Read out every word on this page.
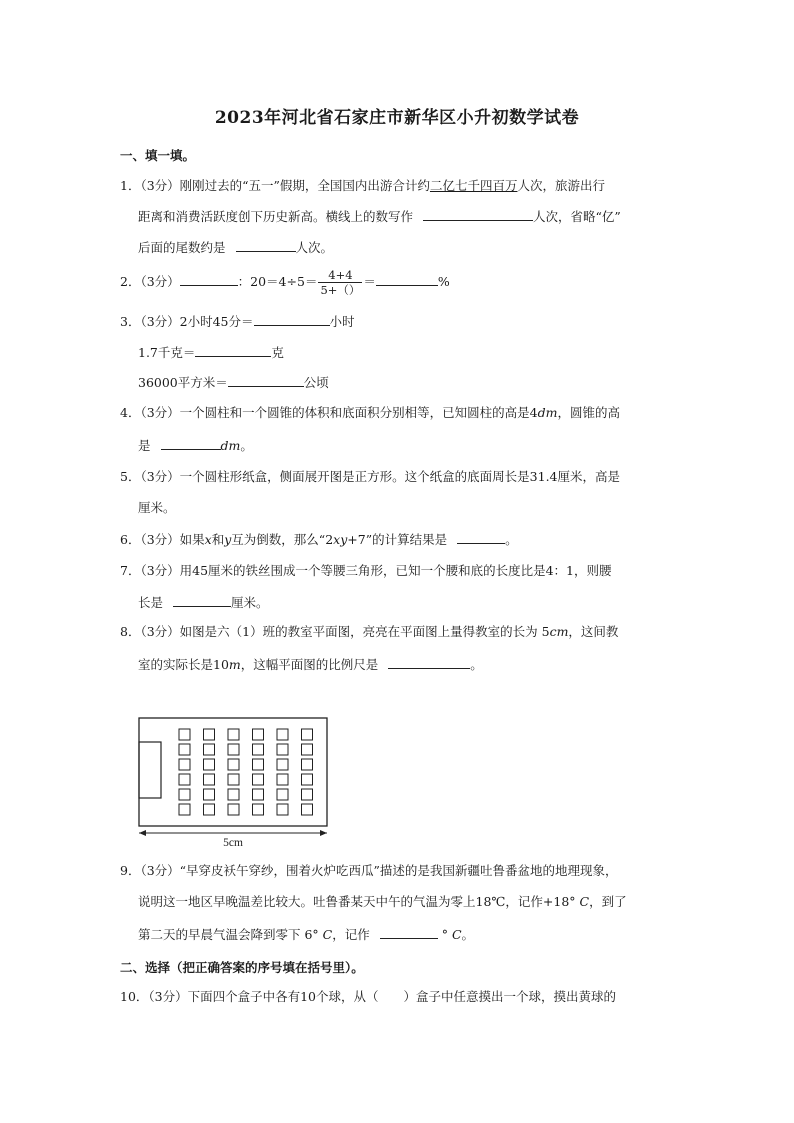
2023年河北省石家庄市新华区小升初数学试卷
一、填一填。
1．（3分）刚刚过去的“五一”假期，全国国内出游合计约二亿七千四百万人次，旅游出行
距离和消费活跃度创下历史新高。横线上的数写作	人次，省略“亿”
后面的尾数约是	人次。
2．（3分）	：$20=4\div 5= \frac{4+4}{5+()}$ ＝	%
3．（3分）2小时45分＝	小时
1.7千克＝	克
36000平方米＝	公顷
4．（3分）一个圆柱和一个圆锥的体积和底面积分别相等，已知圆柱的高是4dm，圆锥的高
是	dm。
5．（3分）一个圆柱形纸盒，侧面展开图是正方形。这个纸盒的底面周长是31.4厘米，高是
厘米。
6．（3分）如果x和y互为倒数，那么“2xy+7”的计算结果是	。
7．（3分）用45厘米的铁丝围成一个等腰三角形，已知一个腰和底的长度比是4：1，则腰
长是	厘米。
8．（3分）如图是六（1）班的教室平面图，亮亮在平面图上量得教室的长为 5cm，这间教
室的实际长是10m，这幅平面图的比例尺是	。
5cm
9．（3分）“早穿皮袄午穿纱，围着火炉吃西瓜”描述的是我国新疆吐鲁番盆地的地理现象，
说明这一地区早晚温差比较大。吐鲁番某天中午的气温为零上18℃，记作+18° C，到了
第二天的早晨气温会降到零下 6° C，记作	° C。
二、选择（把正确答案的序号填在括号里）。
10．（3分）下面四个盒子中各有10个球，从（　　）盒子中任意摸出一个球，摸出黄球的
